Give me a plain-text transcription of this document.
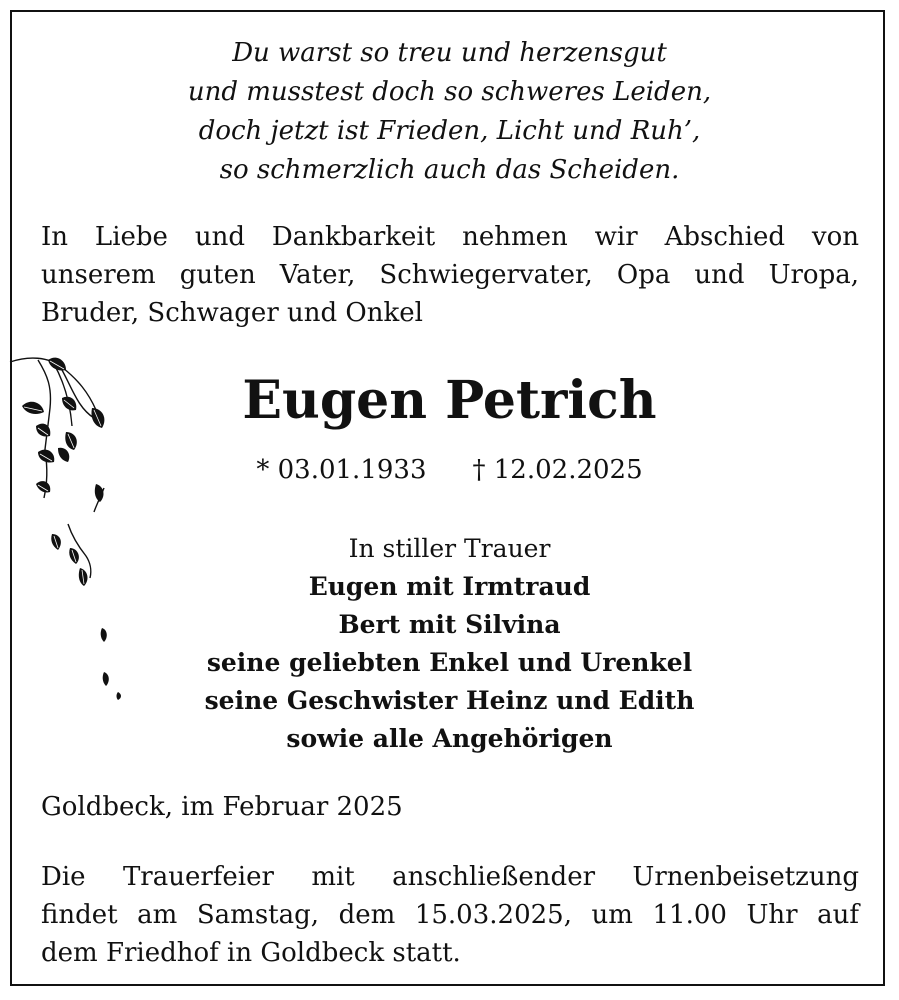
Du warst so treu und herzensgut
und musstest doch so schweres Leiden,
doch jetzt ist Frieden, Licht und Ruh’,
so schmerzlich auch das Scheiden.
In Liebe und Dankbarkeit nehmen wir Abschied von
unserem guten Vater, Schwiegervater, Opa und Uropa,
Bruder, Schwager und Onkel
Eugen Petrich
* 03.01.1933 † 12.02.2025
In stiller Trauer
Eugen mit Irmtraud
Bert mit Silvina
seine geliebten Enkel und Urenkel
seine Geschwister Heinz und Edith
sowie alle Angehörigen
Goldbeck, im Februar 2025
Die Trauerfeier mit anschließender Urnenbeisetzung
findet am Samstag, dem 15.03.2025, um 11.00 Uhr auf
dem Friedhof in Goldbeck statt.
